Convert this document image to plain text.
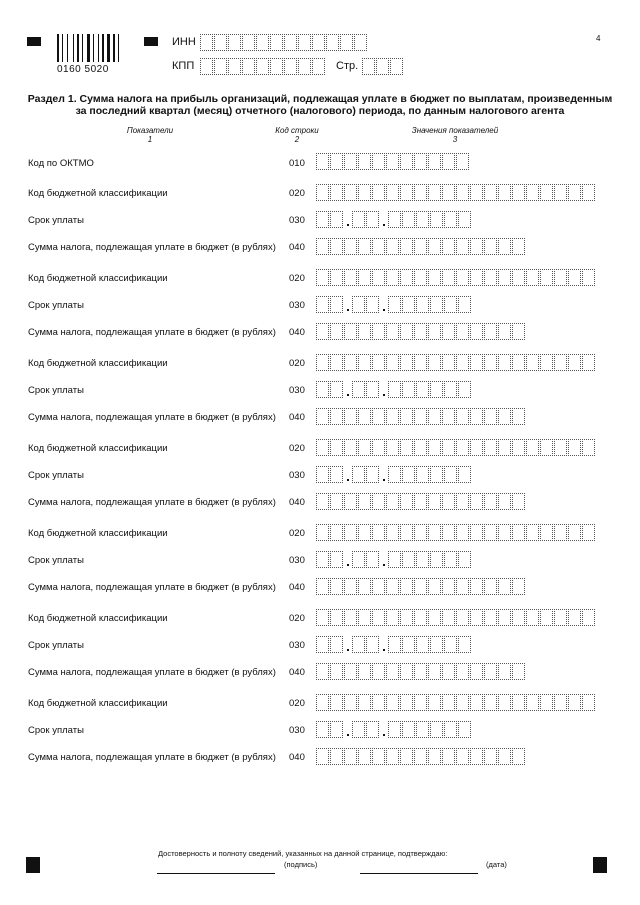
0160 5020
ИНН
КПП	Стр.
4
Раздел 1. Сумма налога на прибыль организаций, подлежащая уплате в бюджет по выплатам, произведенным
за последний квартал (месяц) отчетного (налогового) периода, по данным налогового агента
Показатели
1
Код строки
2
Значения показателей
3
Код по ОКТМО	010
Код бюджетной классификации	020
Срок уплаты	030
Сумма налога, подлежащая уплате в бюджет (в рублях) 040
Код бюджетной классификации	020
Срок уплаты	030
Сумма налога, подлежащая уплате в бюджет (в рублях) 040
Код бюджетной классификации	020
Срок уплаты	030
Сумма налога, подлежащая уплате в бюджет (в рублях) 040
Код бюджетной классификации	020
Срок уплаты	030
Сумма налога, подлежащая уплате в бюджет (в рублях) 040
Код бюджетной классификации	020
Срок уплаты	030
Сумма налога, подлежащая уплате в бюджет (в рублях) 040
Код бюджетной классификации	020
Срок уплаты	030
Сумма налога, подлежащая уплате в бюджет (в рублях) 040
Код бюджетной классификации	020
Срок уплаты	030
Сумма налога, подлежащая уплате в бюджет (в рублях) 040
Достоверность и полноту сведений, указанных на данной странице, подтверждаю:
(подпись)	(дата)
